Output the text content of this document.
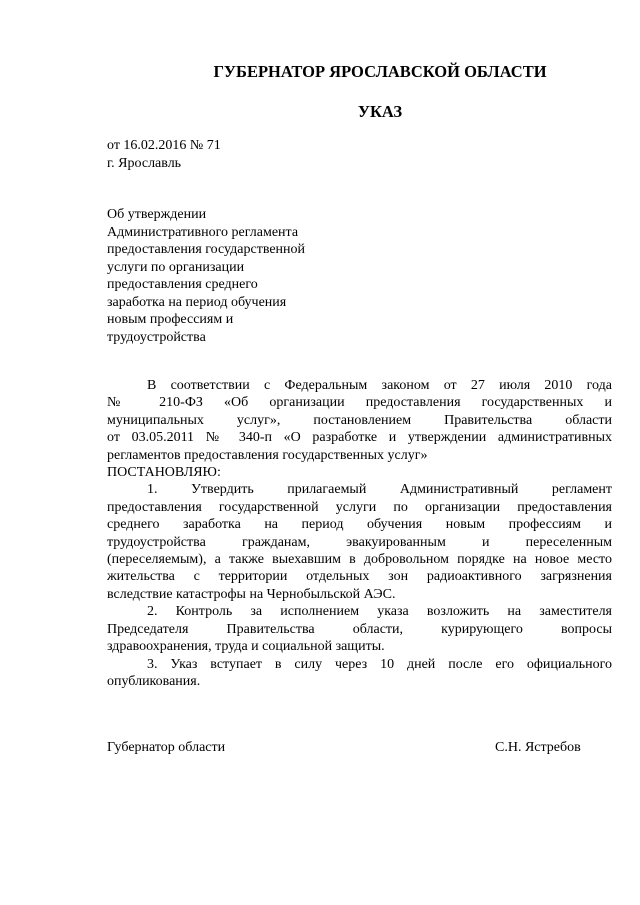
ГУБЕРНАТОР ЯРОСЛАВСКОЙ ОБЛАСТИ
УКАЗ
от 16.02.2016 № 71
г. Ярославль
Об утверждении
Административного регламента
предоставления государственной
услуги по организации
предоставления среднего
заработка на период обучения
новым профессиям и
трудоустройства
В соответствии с Федеральным законом от 27 июля 2010 года
№ 210-ФЗ «Об организации предоставления государственных и
муниципальных услуг», постановлением Правительства области
от 03.05.2011 № 340-п «О разработке и утверждении административных
регламентов предоставления государственных услуг»
ПОСТАНОВЛЯЮ:
1. Утвердить прилагаемый Административный регламент
предоставления государственной услуги по организации предоставления
среднего заработка на период обучения новым профессиям и
трудоустройства гражданам, эвакуированным и переселенным
(переселяемым), а также выехавшим в добровольном порядке на новое место
жительства с территории отдельных зон радиоактивного загрязнения
вследствие катастрофы на Чернобыльской АЭС.
2. Контроль за исполнением указа возложить на заместителя
Председателя Правительства области, курирующего вопросы
здравоохранения, труда и социальной защиты.
3. Указ вступает в силу через 10 дней после его официального
опубликования.
Губернатор области	С.Н. Ястребов
